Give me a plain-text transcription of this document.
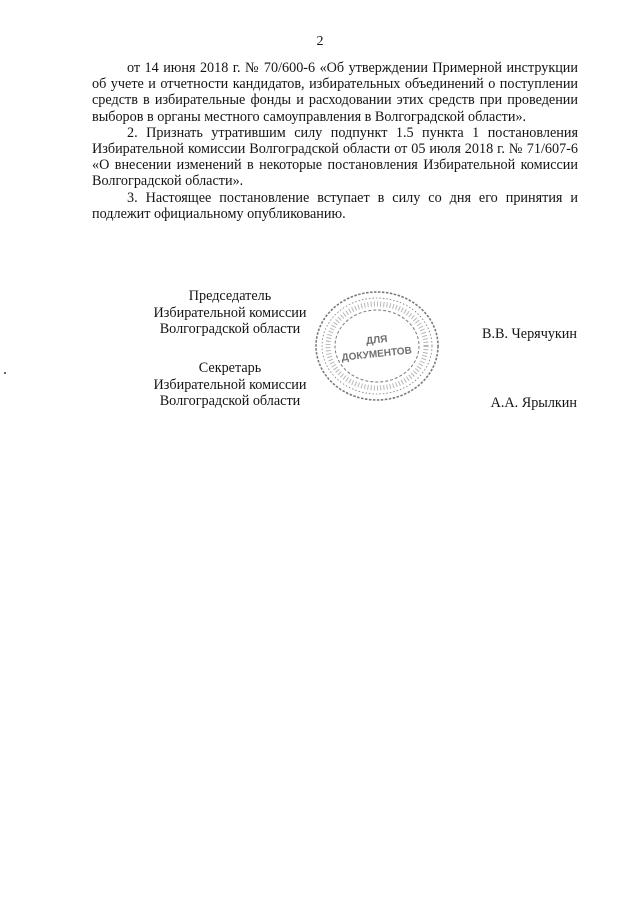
2

от 14 июня 2018 г. № 70/600-6 «Об утверждении Примерной инструкции об учете и отчетности кандидатов, избирательных объединений о поступлении средств в избирательные фонды и расходовании этих средств при проведении выборов в органы местного самоуправления в Волгоградской области».

2. Признать утратившим силу подпункт 1.5 пункта 1 постановления Избирательной комиссии Волгоградской области от 05 июля 2018 г. № 71/607-6 «О внесении изменений в некоторые постановления Избирательной комиссии Волгоградской области».

3. Настоящее постановление вступает в силу со дня его принятия и подлежит официальному опубликованию.

Председатель
Избирательной комиссии
Волгоградской области	В.В. Черячукин
Секретарь
Избирательной комиссии
Волгоградской области	А.А. Ярылкин
ДЛЯ
ДОКУМЕНТОВ
